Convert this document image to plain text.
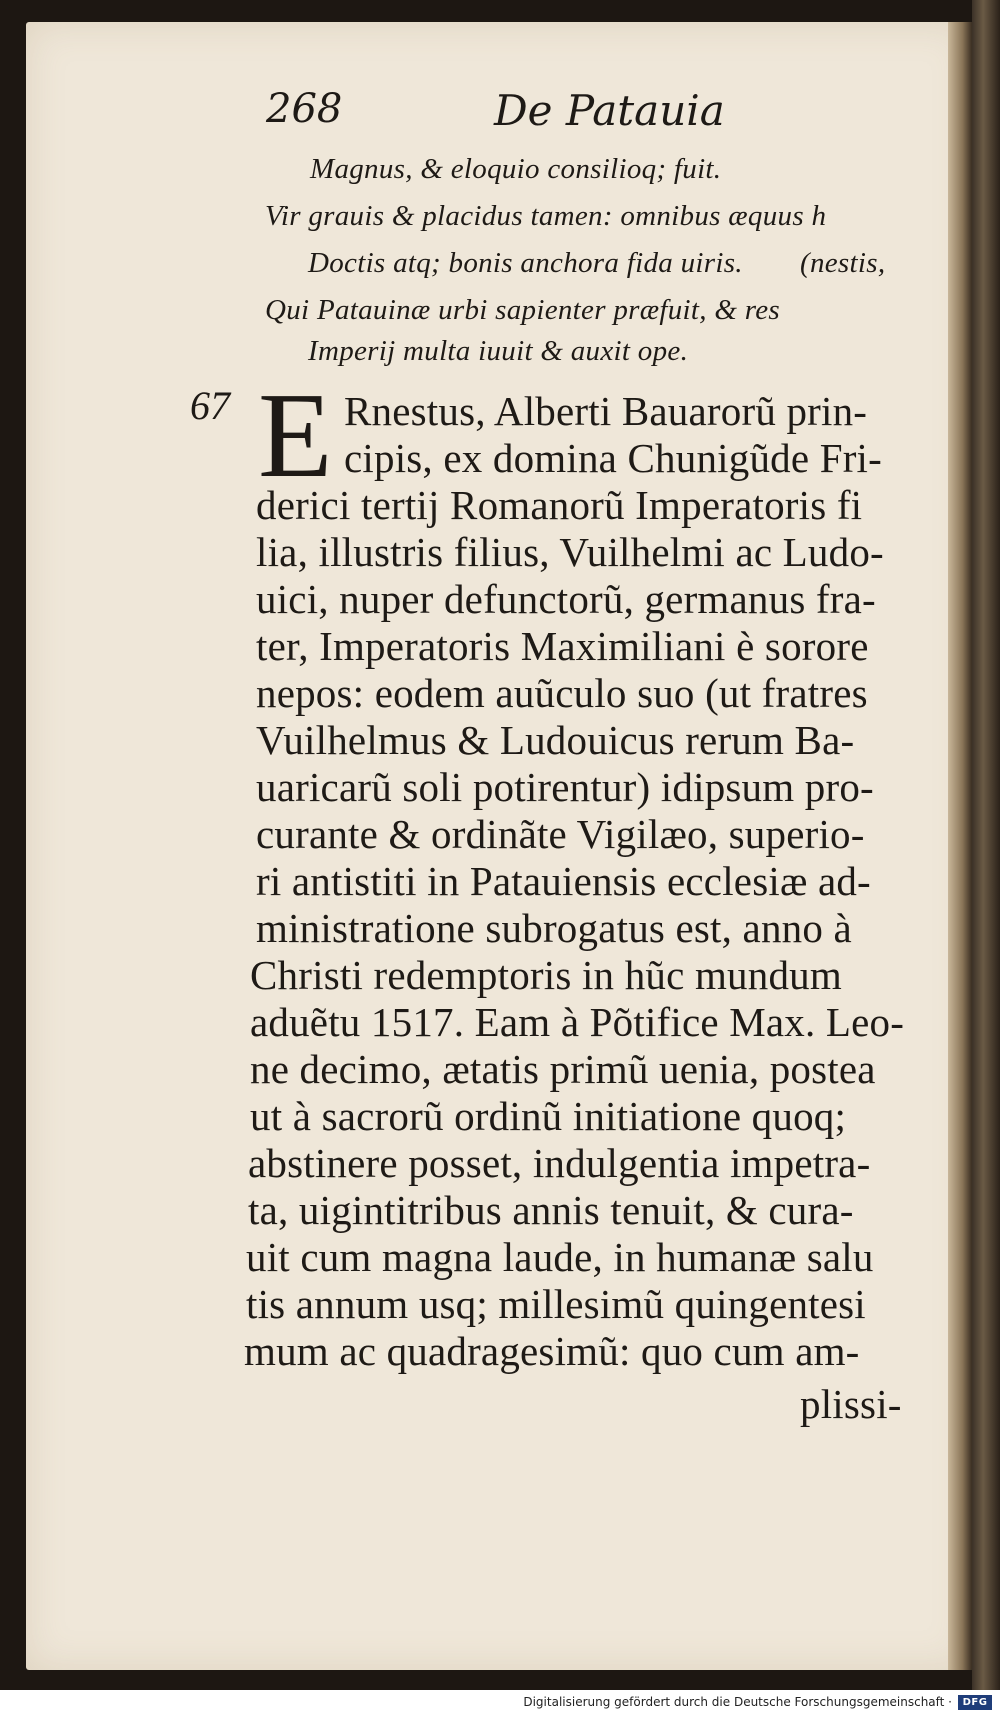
268	De Patauia
Magnus, & eloquio consilioq; fuit.
Vir grauis & placidus tamen: omnibus æquus h
Doctis atq; bonis anchora fida uiris. (nestis,
Qui Patauinæ urbi sapienter præfuit, & res
Imperij multa iuuit & auxit ope.
67 E Rnestus, Alberti Bauarorũ prin-
cipis, ex domina Chunigũde Fri-
derici tertij Romanorũ Imperatoris fi
lia, illustris filius, Vuilhelmi ac Ludo-
uici, nuper defunctorũ, germanus fra-
ter, Imperatoris Maximiliani è sorore
nepos: eodem auũculo suo (ut fratres
Vuilhelmus & Ludouicus rerum Ba-
uaricarũ soli potirentur) idipsum pro-
curante & ordinãte Vigilæo, superio-
ri antistiti in Patauiensis ecclesiæ ad-
ministratione subrogatus est, anno à
Christi redemptoris in hũc mundum
aduẽtu 1517. Eam à Põtifice Max. Leo-
ne decimo, ætatis primũ uenia, postea
ut à sacrorũ ordinũ initiatione quoq;
abstinere posset, indulgentia impetra-
ta, uigintitribus annis tenuit, & cura-
uit cum magna laude, in humanæ salu
tis annum usq; millesimũ quingentesi
mum ac quadragesimũ: quo cum am-
plissi-
Digitalisierung gefördert durch die Deutsche Forschungsgemeinschaft ·	DFG
